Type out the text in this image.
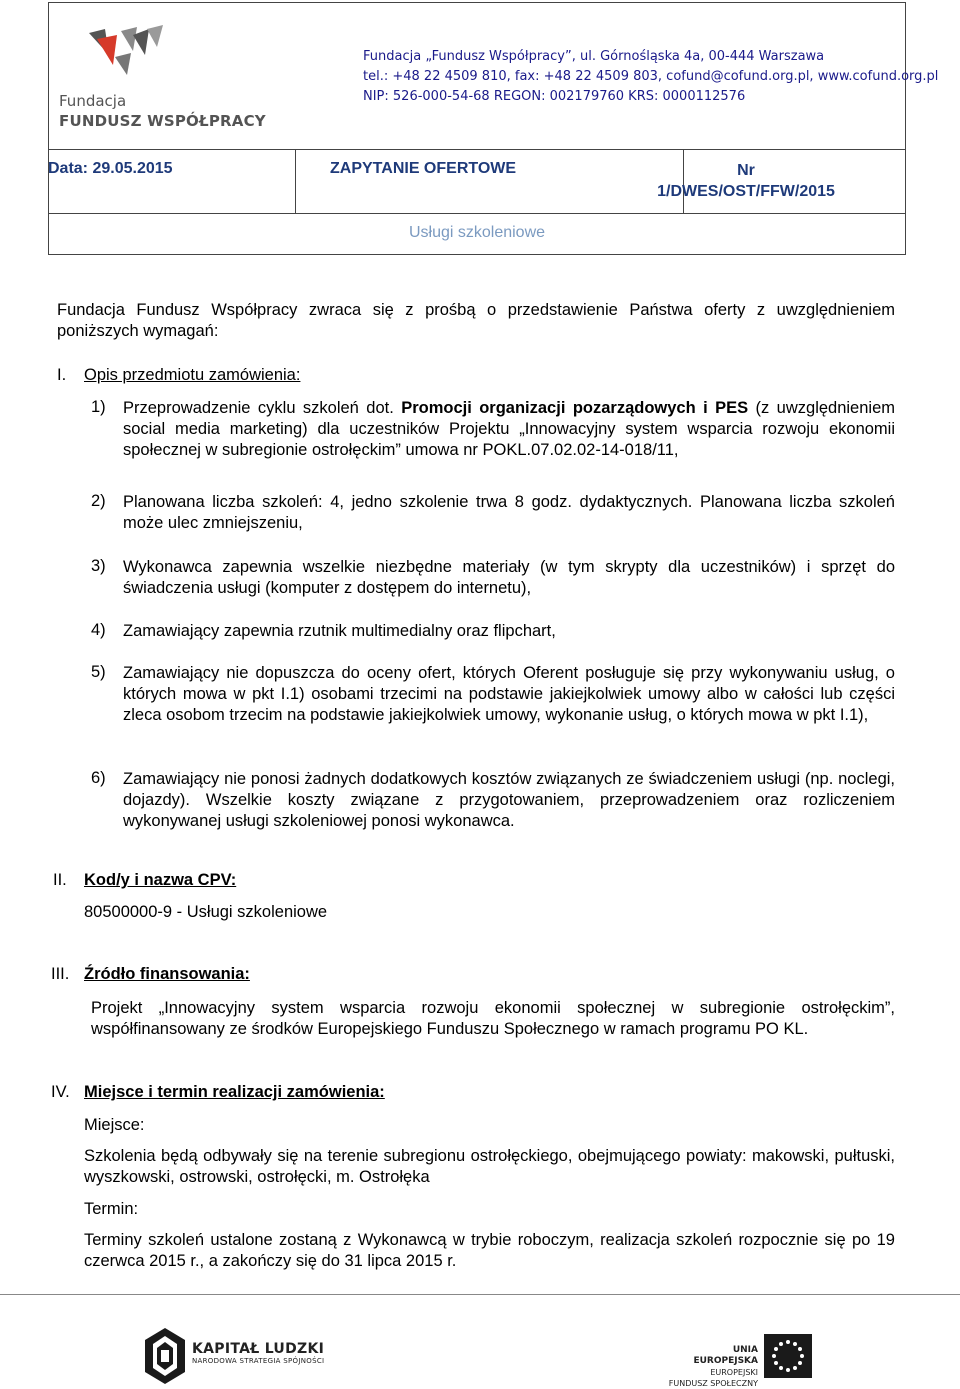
Fundacja
FUNDUSZ WSPÓŁPRACY
Fundacja „Fundusz Współpracy”, ul. Górnośląska 4a, 00-444 Warszawa
tel.: +48 22 4509 810, fax: +48 22 4509 803, cofund@cofund.org.pl, www.cofund.org.pl
NIP: 526-000-54-68 REGON: 002179760 KRS: 0000112576
Usługi szkoleniowe
Data: 29.05.2015	ZAPYTANIE OFERTOWE	Nr
1/DWES/OST/FFW/2015
Fundacja Fundusz Współpracy zwraca się z prośbą o przedstawienie Państwa oferty z uwzględnieniem poniższych wymagań:
I. Opis przedmiotu zamówienia:
1) Przeprowadzenie cyklu szkoleń dot. Promocji organizacji pozarządowych i PES (z uwzględnieniem social media marketing) dla uczestników Projektu „Innowacyjny system wsparcia rozwoju ekonomii społecznej w subregionie ostrołęckim” umowa nr POKL.07.02.02-14-018/11,
2) Planowana liczba szkoleń: 4, jedno szkolenie trwa 8 godz. dydaktycznych. Planowana liczba szkoleń może ulec zmniejszeniu,
3) Wykonawca zapewnia wszelkie niezbędne materiały (w tym skrypty dla uczestników) i sprzęt do świadczenia usługi (komputer z dostępem do internetu),
4) Zamawiający zapewnia rzutnik multimedialny oraz flipchart,
5) Zamawiający nie dopuszcza do oceny ofert, których Oferent posługuje się przy wykonywaniu usług, o których mowa w pkt I.1) osobami trzecimi na podstawie jakiejkolwiek umowy albo w całości lub części zleca osobom trzecim na podstawie jakiejkolwiek umowy, wykonanie usług, o których mowa w pkt I.1),
6) Zamawiający nie ponosi żadnych dodatkowych kosztów związanych ze świadczeniem usługi (np. noclegi, dojazdy). Wszelkie koszty związane z przygotowaniem, przeprowadzeniem oraz rozliczeniem wykonywanej usługi szkoleniowej ponosi wykonawca.
II. Kod/y i nazwa CPV:
80500000-9 - Usługi szkoleniowe
III. Źródło finansowania:
Projekt „Innowacyjny system wsparcia rozwoju ekonomii społecznej w subregionie ostrołęckim”, współfinansowany ze środków Europejskiego Funduszu Społecznego w ramach programu PO KL.
IV. Miejsce i termin realizacji zamówienia:
Miejsce:
Szkolenia będą odbywały się na terenie subregionu ostrołęckiego, obejmującego powiaty: makowski, pułtuski, wyszkowski, ostrowski, ostrołęcki, m. Ostrołęka
Termin:
Terminy szkoleń ustalone zostaną z Wykonawcą w trybie roboczym, realizacja szkoleń rozpocznie się po 19 czerwca 2015 r., a zakończy się do 31 lipca 2015 r.
KAPITAŁ LUDZKI
NARODOWA STRATEGIA SPÓJNOŚCI
UNIA EUROPEJSKA
EUROPEJSKI
FUNDUSZ SPOŁECZNY
